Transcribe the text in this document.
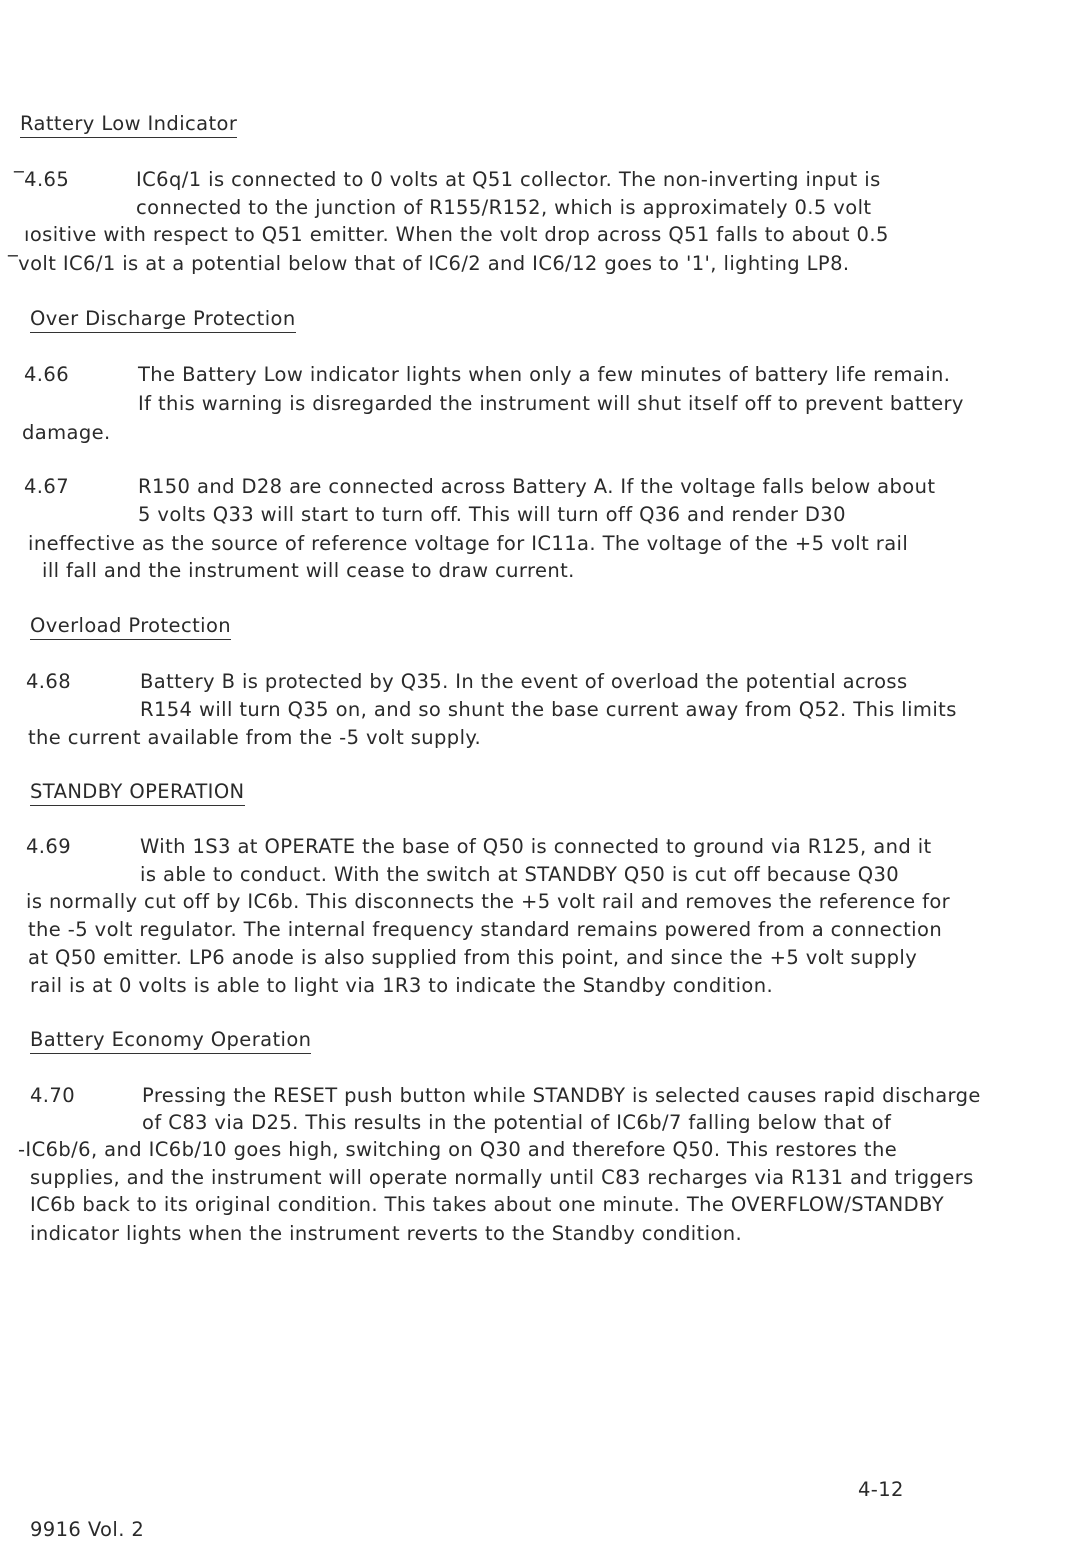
Rattery Low Indicator
‾4.65	IC6q/1 is connected to 0 volts at Q51 collector. The non-inverting input is
connected to the junction of R155/R152, which is approximately 0.5 volt
ıositive with respect to Q51 emitter. When the volt drop across Q51 falls to about 0.5
‾volt IC6/1 is at a potential below that of IC6/2 and IC6/12 goes to '1', lighting LP8.
Over Discharge Protection
4.66	The Battery Low indicator lights when only a few minutes of battery life remain.
If this warning is disregarded the instrument will shut itself off to prevent battery
damage.
4.67	R150 and D28 are connected across Battery A. If the voltage falls below about
5 volts Q33 will start to turn off. This will turn off Q36 and render D30
ineffective as the source of reference voltage for IC11a. The voltage of the +5 volt rail
ill fall and the instrument will cease to draw current.
Overload Protection
4.68	Battery B is protected by Q35. In the event of overload the potential across
R154 will turn Q35 on, and so shunt the base current away from Q52. This limits
the current available from the -5 volt supply.
STANDBY OPERATION
4.69	With 1S3 at OPERATE the base of Q50 is connected to ground via R125, and it
is able to conduct. With the switch at STANDBY Q50 is cut off because Q30
is normally cut off by IC6b. This disconnects the +5 volt rail and removes the reference for
the -5 volt regulator. The internal frequency standard remains powered from a connection
at Q50 emitter. LP6 anode is also supplied from this point, and since the +5 volt supply
rail is at 0 volts is able to light via 1R3 to indicate the Standby condition.
Battery Economy Operation
4.70	Pressing the RESET push button while STANDBY is selected causes rapid discharge
of C83 via D25. This results in the potential of IC6b/7 falling below that of
-IC6b/6, and IC6b/10 goes high, switching on Q30 and therefore Q50. This restores the
supplies, and the instrument will operate normally until C83 recharges via R131 and triggers
IC6b back to its original condition. This takes about one minute. The OVERFLOW/STANDBY
indicator lights when the instrument reverts to the Standby condition.
4-12
9916 Vol. 2
